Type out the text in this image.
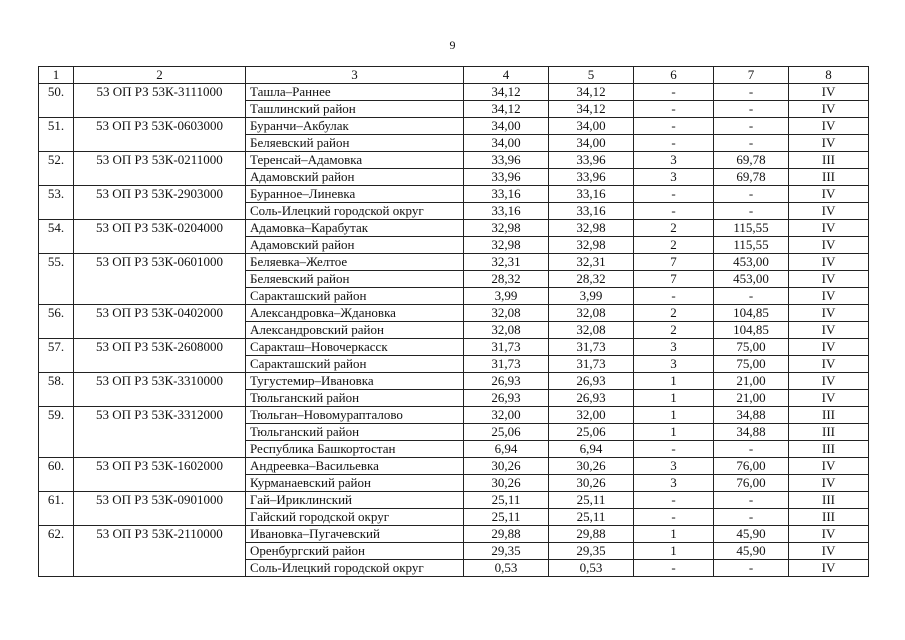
9
1	2	3	4	5	6	7	8
50.	53 ОП РЗ 53К-3111000	Ташла–Раннее	34,12	34,12	-	-	IV
		Ташлинский район	34,12	34,12	-	-	IV
51.	53 ОП РЗ 53К-0603000	Буранчи–Акбулак	34,00	34,00	-	-	IV
		Беляевский район	34,00	34,00	-	-	IV
52.	53 ОП РЗ 53К-0211000	Теренсай–Адамовка	33,96	33,96	3	69,78	III
		Адамовский район	33,96	33,96	3	69,78	III
53.	53 ОП РЗ 53К-2903000	Буранное–Линевка	33,16	33,16	-	-	IV
		Соль-Илецкий городской округ	33,16	33,16	-	-	IV
54.	53 ОП РЗ 53К-0204000	Адамовка–Карабутак	32,98	32,98	2	115,55	IV
		Адамовский район	32,98	32,98	2	115,55	IV
55.	53 ОП РЗ 53К-0601000	Беляевка–Желтое	32,31	32,31	7	453,00	IV
		Беляевский район	28,32	28,32	7	453,00	IV
		Саракташский район	3,99	3,99	-	-	IV
56.	53 ОП РЗ 53К-0402000	Александровка–Ждановка	32,08	32,08	2	104,85	IV
		Александровский район	32,08	32,08	2	104,85	IV
57.	53 ОП РЗ 53К-2608000	Саракташ–Новочеркасск	31,73	31,73	3	75,00	IV
		Саракташский район	31,73	31,73	3	75,00	IV
58.	53 ОП РЗ 53К-3310000	Тугустемир–Ивановка	26,93	26,93	1	21,00	IV
		Тюльганский район	26,93	26,93	1	21,00	IV
59.	53 ОП РЗ 53К-3312000	Тюльган–Новомурапталово	32,00	32,00	1	34,88	III
		Тюльганский район	25,06	25,06	1	34,88	III
		Республика Башкортостан	6,94	6,94	-	-	III
60.	53 ОП РЗ 53К-1602000	Андреевка–Васильевка	30,26	30,26	3	76,00	IV
		Курманаевский район	30,26	30,26	3	76,00	IV
61.	53 ОП РЗ 53К-0901000	Гай–Ириклинский	25,11	25,11	-	-	III
		Гайский городской округ	25,11	25,11	-	-	III
62.	53 ОП РЗ 53К-2110000	Ивановка–Пугачевский	29,88	29,88	1	45,90	IV
		Оренбургский район	29,35	29,35	1	45,90	IV
		Соль-Илецкий городской округ	0,53	0,53	-	-	IV
